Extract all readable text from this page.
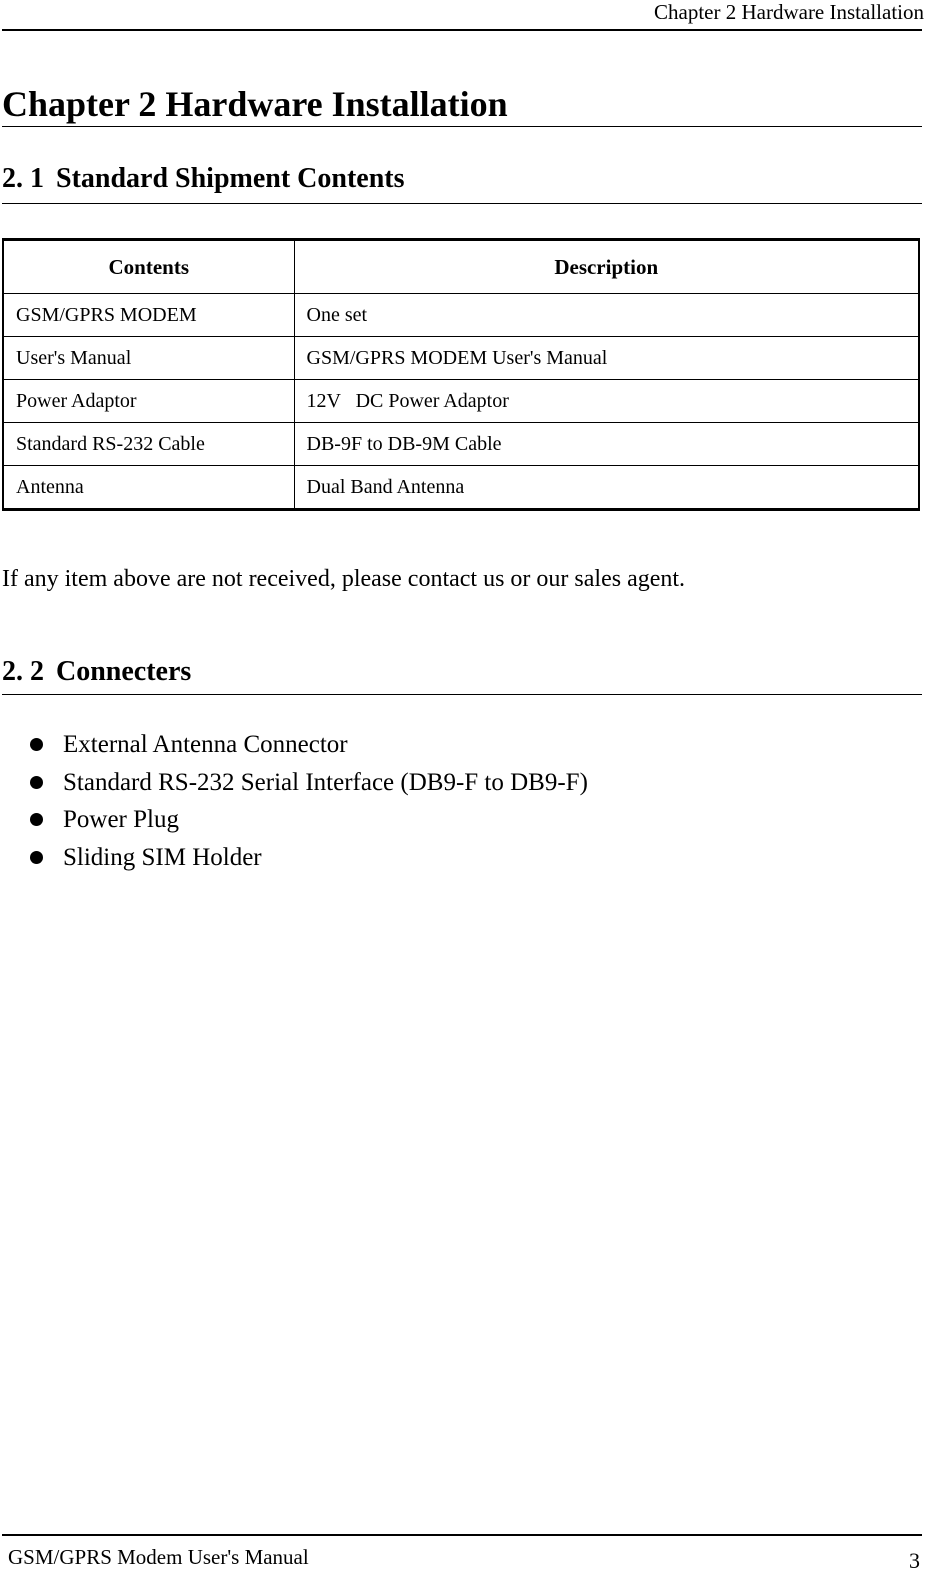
Chapter 2 Hardware Installation
Chapter 2 Hardware Installation
2. 1 Standard Shipment Contents
Contents	Description
GSM/GPRS MODEM	One set
User's Manual	GSM/GPRS MODEM User's Manual
Power Adaptor	12V   DC Power Adaptor
Standard RS-232 Cable	DB-9F to DB-9M Cable
Antenna	Dual Band Antenna

If any item above are not received, please contact us or our sales agent.

2. 2 Connecters
External Antenna Connector
Standard RS-232 Serial Interface (DB9-F to DB9-F)
Power Plug
Sliding SIM Holder
GSM/GPRS Modem User's Manual	3
